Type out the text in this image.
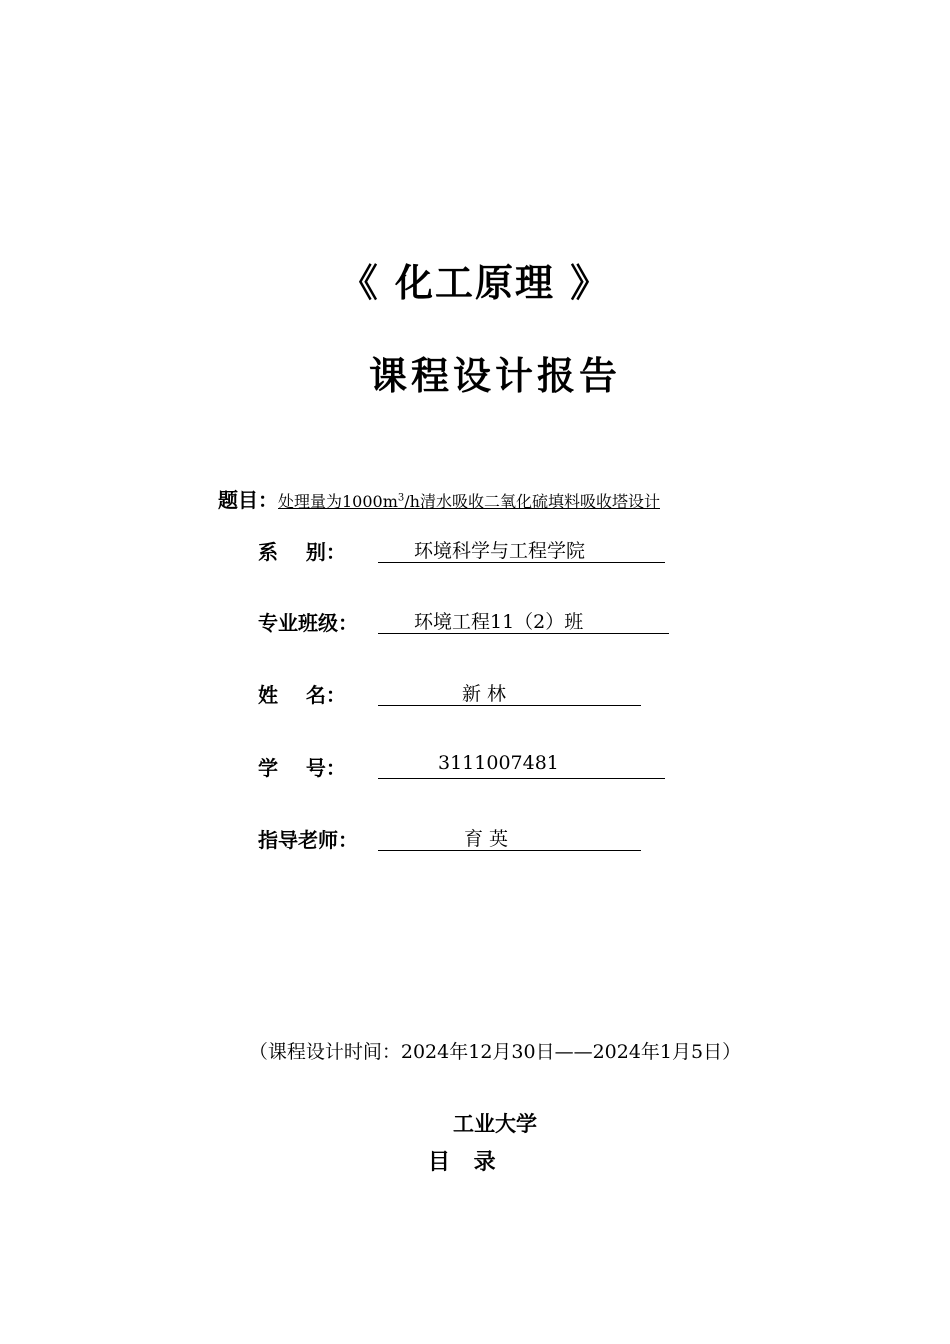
《 化工原理 》
课程设计报告
题目：处理量为$1000m^3/h$清水吸收二氧化硫填料吸收塔设计
系    别：	环境科学与工程学院
专业班级：	环境工程11（2）班
姓    名：	新 林
学    号：	3111007481
指导老师：	育 英
（课程设计时间：2024年12月30日——2024年1月5日）
工业大学
目 录
